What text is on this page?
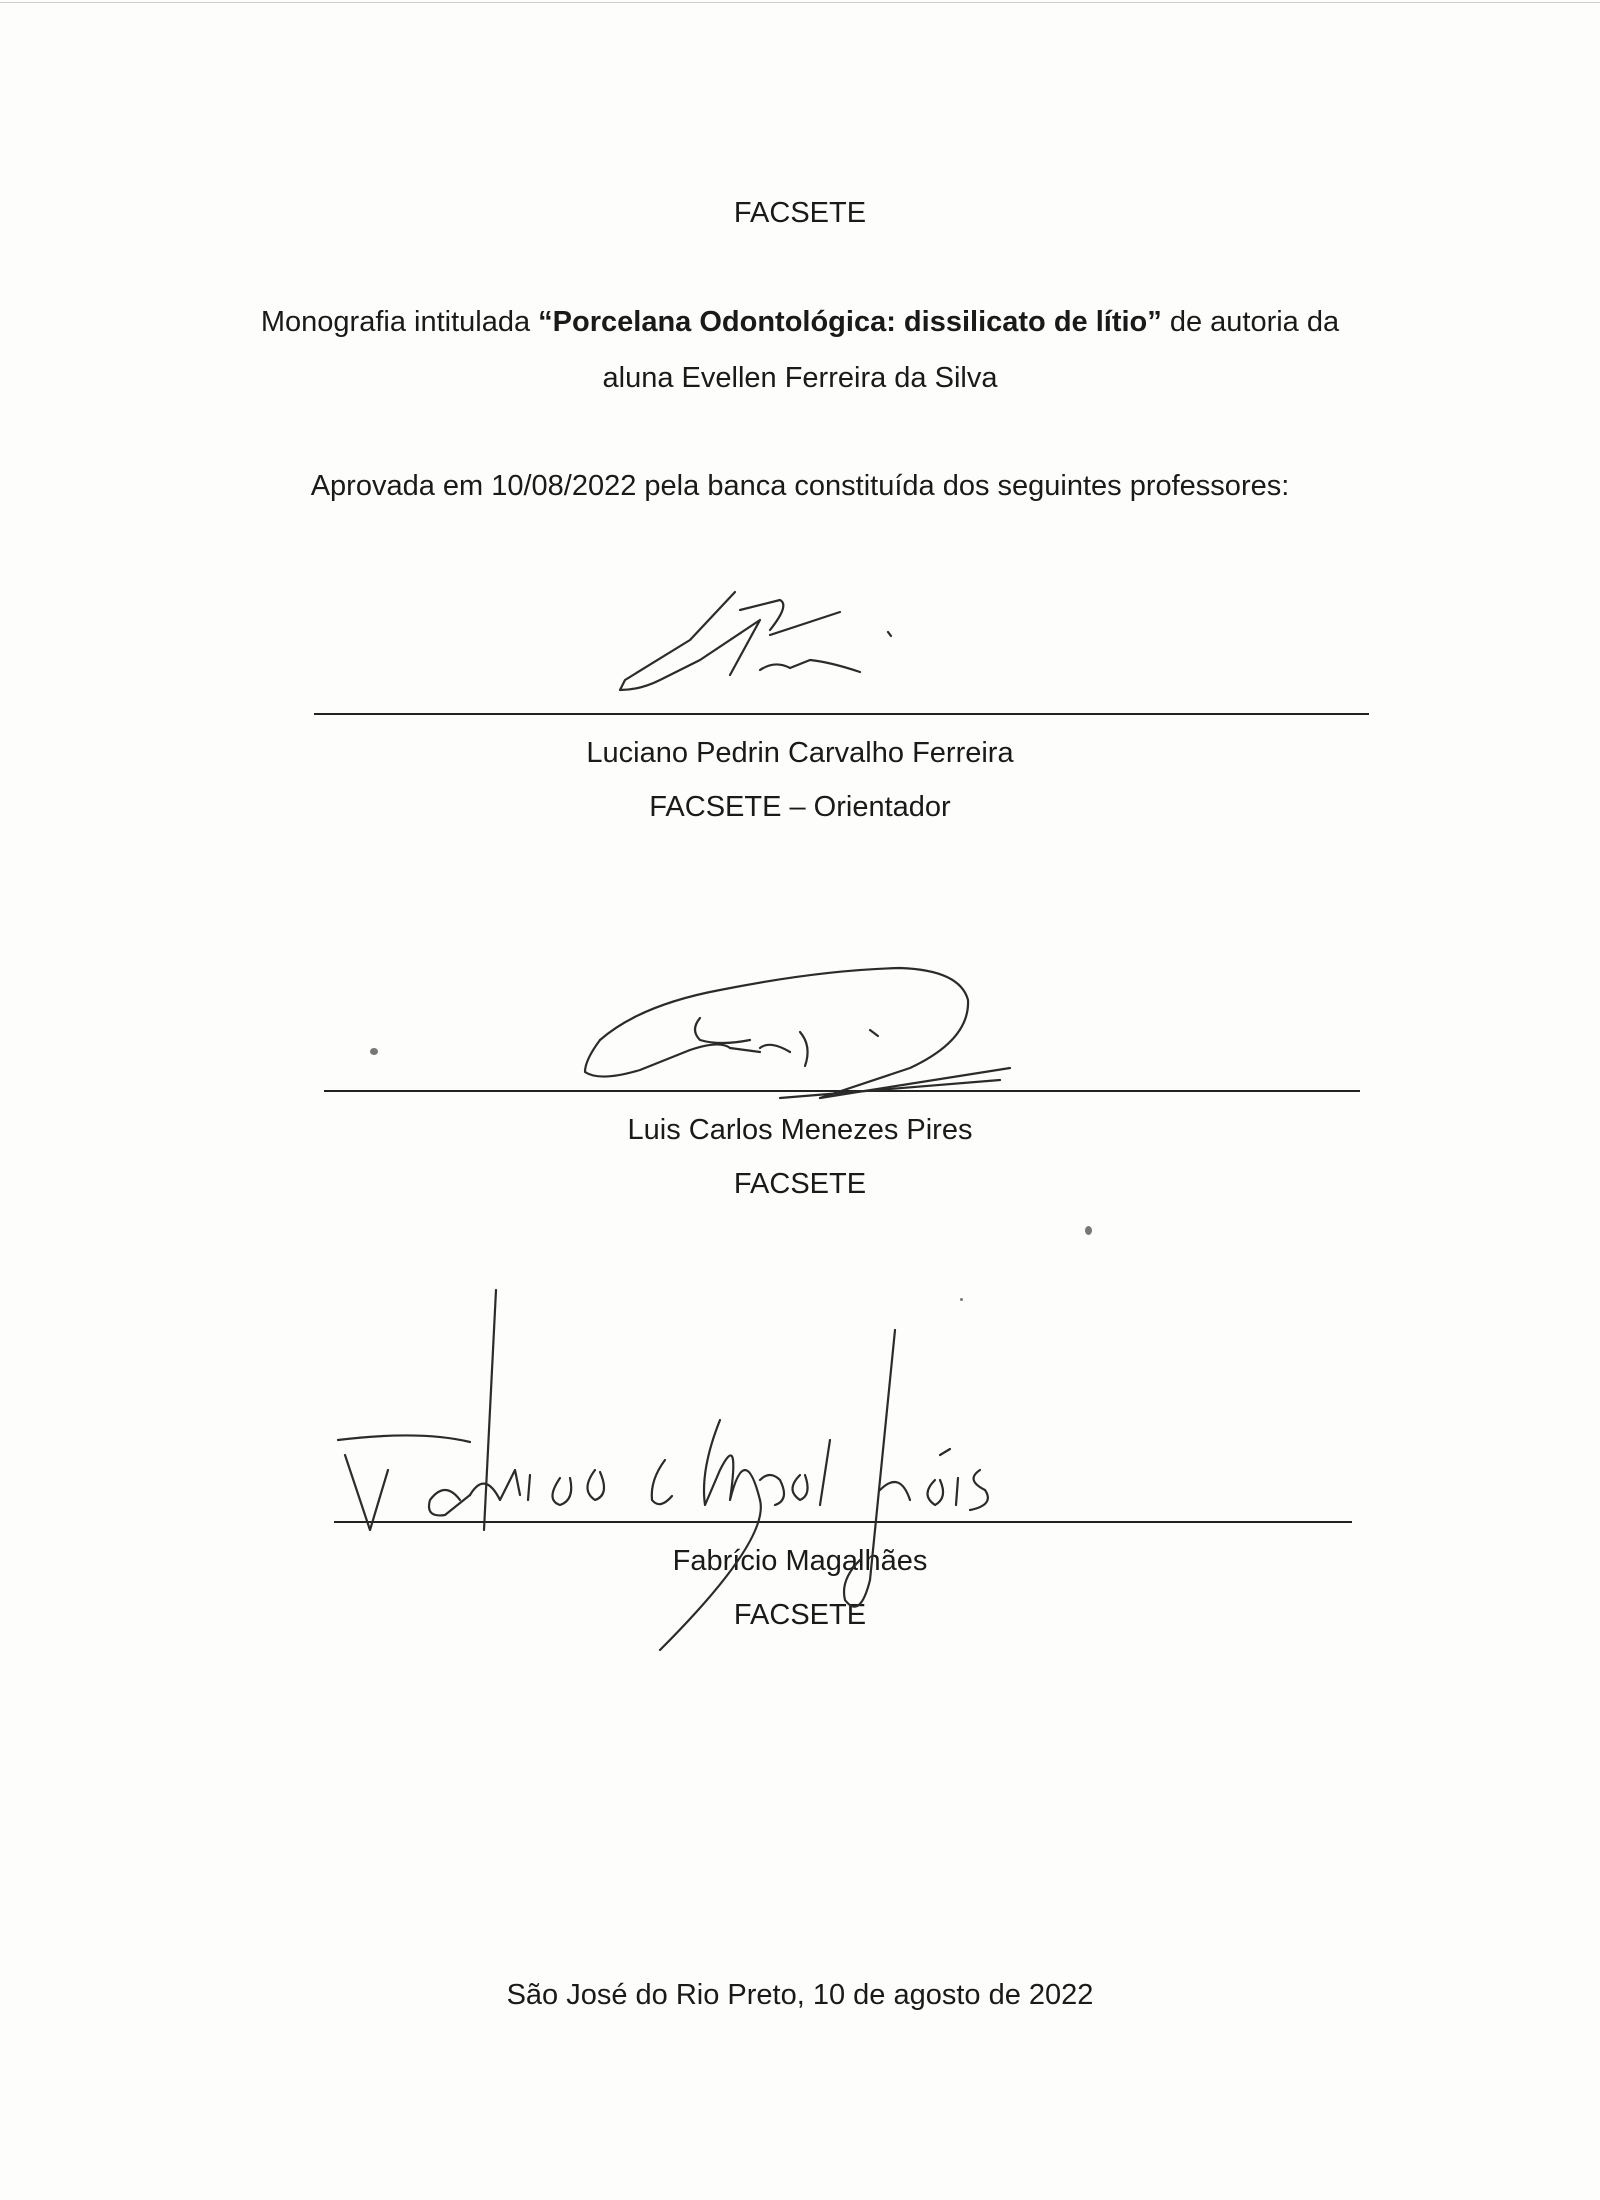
FACSETE
Monografia intitulada “Porcelana Odontológica: dissilicato de lítio” de autoria da
aluna Evellen Ferreira da Silva
Aprovada em 10/08/2022 pela banca constituída dos seguintes professores:
Luciano Pedrin Carvalho Ferreira
FACSETE – Orientador
Luis Carlos Menezes Pires
FACSETE
Fabrício Magalhães
FACSETE
São José do Rio Preto, 10 de agosto de 2022
